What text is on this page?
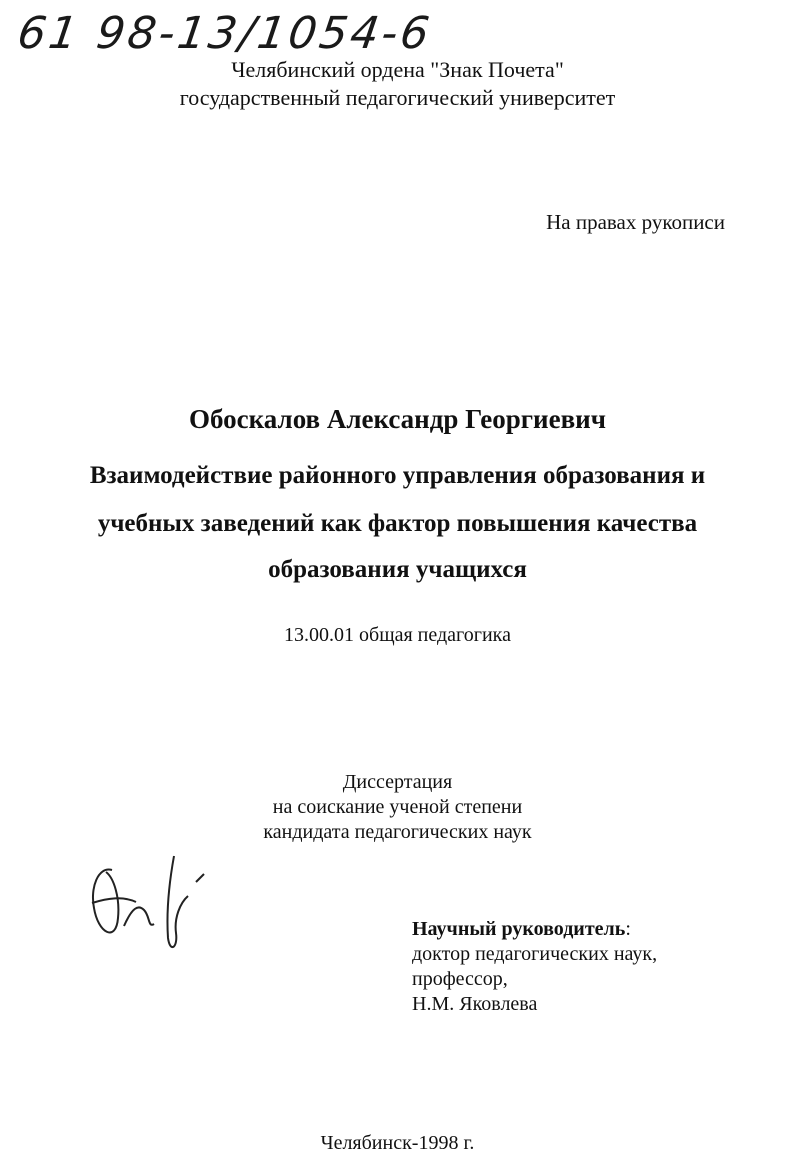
61 98-13/1054-6
Челябинский ордена "Знак Почета"
государственный педагогический университет
На правах рукописи
Обоскалов Александр Георгиевич
Взаимодействие районного управления образования и
учебных заведений как фактор повышения качества
образования учащихся
13.00.01 общая педагогика
Диссертация
на соискание ученой степени
кандидата педагогических наук
Научный руководитель:
доктор педагогических наук,
профессор,
Н.М. Яковлева
Челябинск-1998 г.
